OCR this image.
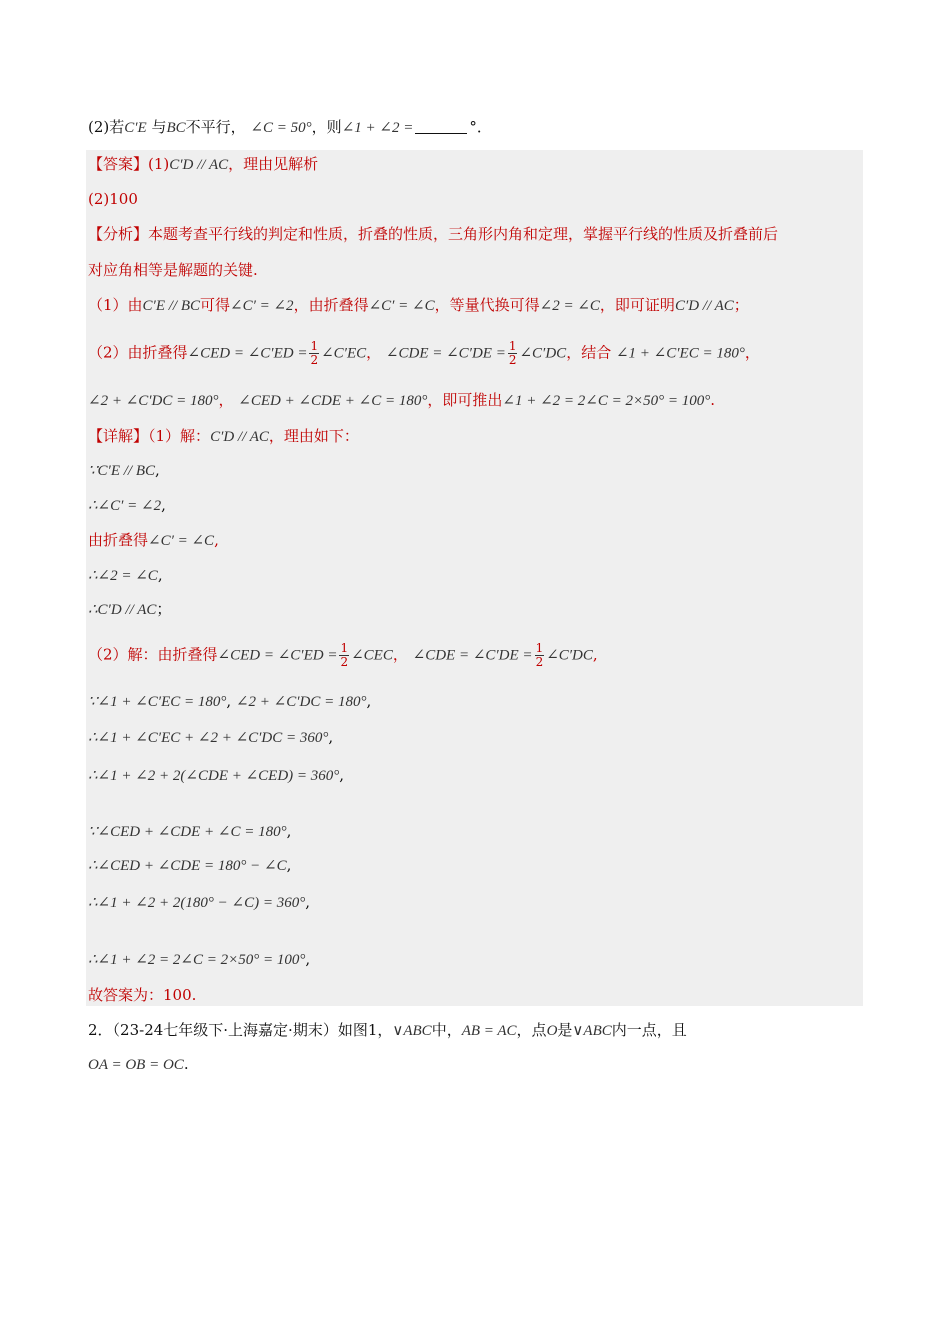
(2)若C′E 与BC不平行， ∠C = 50°，则∠1 + ∠2 =	°．
【答案】(1)C′D // AC，理由见解析
(2)100
【分析】本题考查平行线的判定和性质，折叠的性质，三角形内角和定理，掌握平行线的性质及折叠前后
对应角相等是解题的关键.
（1）由C′E // BC可得∠C′ = ∠2，由折叠得∠C′ = ∠C，等量代换可得∠2 = ∠C，即可证明C′D // AC；
（2）由折叠得∠CED = ∠C′ED = $\frac{1}{2}$ ∠C′EC， ∠CDE = ∠C′DE = $\frac{1}{2}$ ∠C′DC，结合 ∠1 + ∠C′EC = 180°，
∠2 + ∠C′DC = 180°， ∠CED + ∠CDE + ∠C = 180°，即可推出∠1 + ∠2 = 2∠C = 2×50° = 100°.
【详解】（1）解：C′D // AC，理由如下：
∵C′E // BC,
∴∠C′ = ∠2,
由折叠得∠C′ = ∠C,
∴∠2 = ∠C,
∴C′D // AC；
（2）解：由折叠得∠CED = ∠C′ED = $\frac{1}{2}$ ∠CEC， ∠CDE = ∠C′DE = $\frac{1}{2}$ ∠C′DC,
∵∠1 + ∠C′EC = 180°, ∠2 + ∠C′DC = 180°,
∴∠1 + ∠C′EC + ∠2 + ∠C′DC = 360°,
∴∠1 + ∠2 + 2(∠CDE + ∠CED) = 360°,
∵∠CED + ∠CDE + ∠C = 180°,
∴∠CED + ∠CDE = 180° − ∠C,
∴∠1 + ∠2 + 2(180° − ∠C) = 360°,
∴∠1 + ∠2 = 2∠C = 2×50° = 100°,
故答案为：100.
2．（23-24七年级下·上海嘉定·期末）如图1，∨ABC中，AB = AC，点O是∨ABC内一点，且
OA = OB = OC.
